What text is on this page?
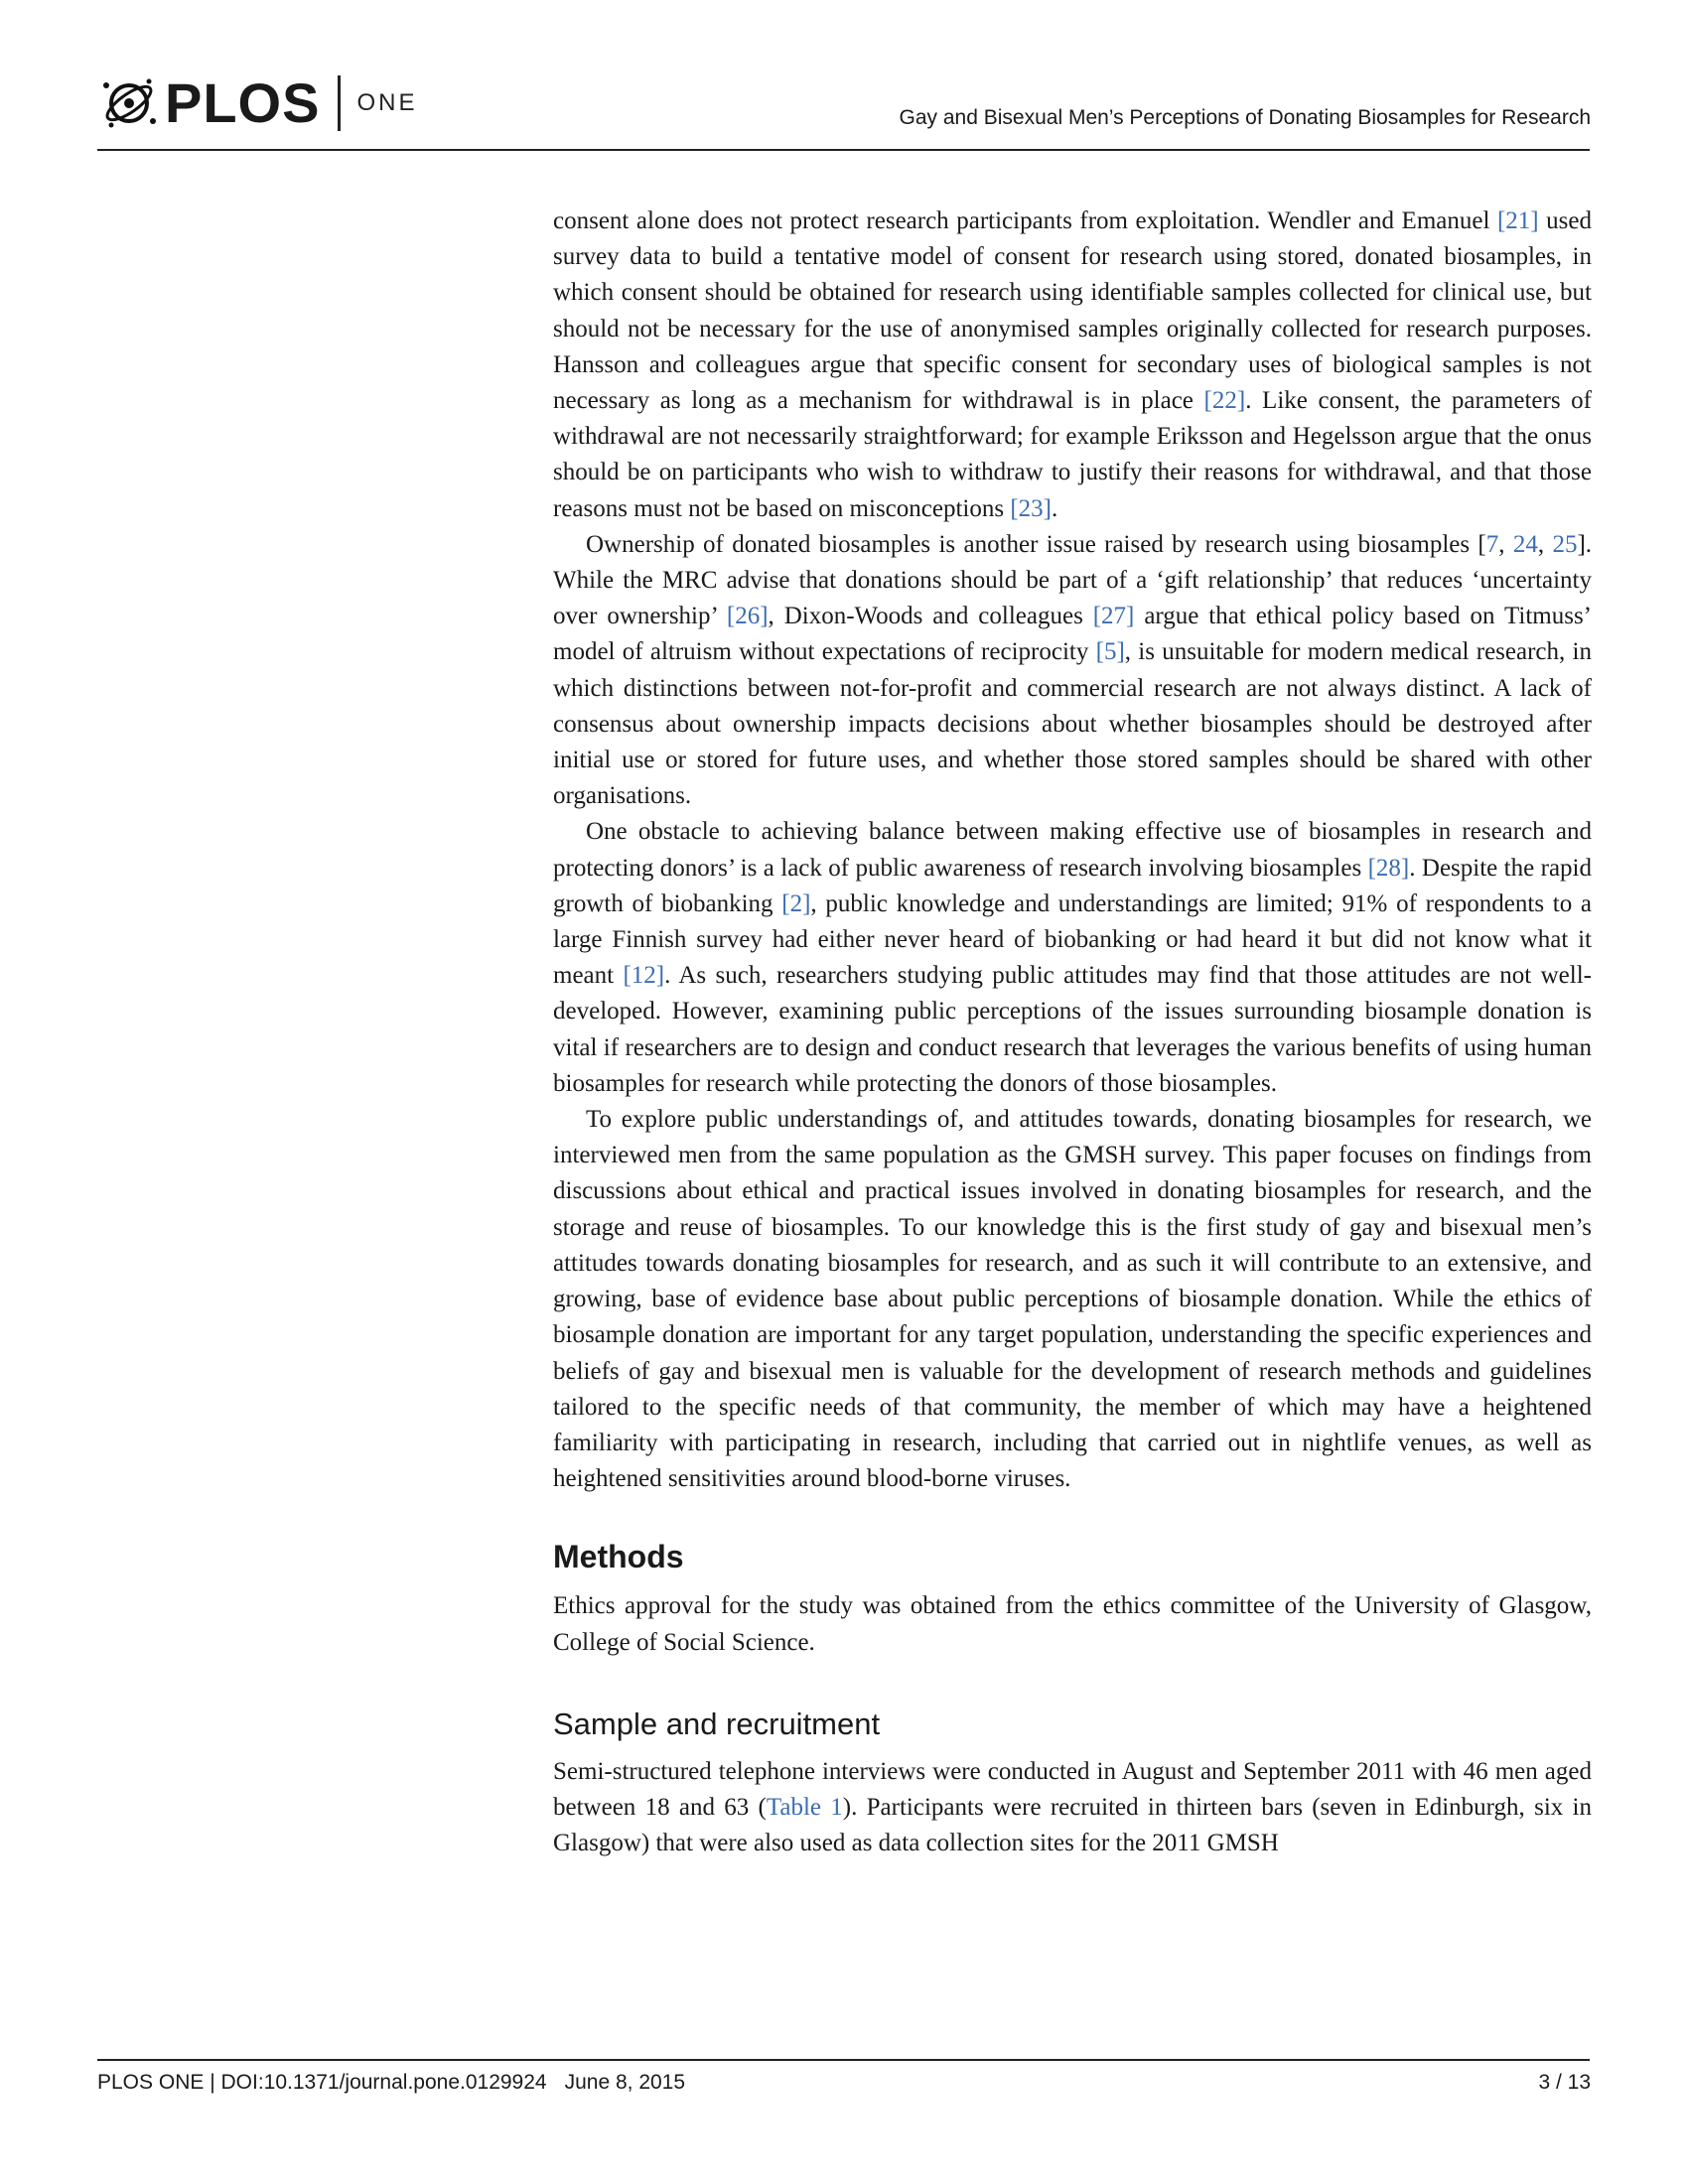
PLOS ONE
Gay and Bisexual Men’s Perceptions of Donating Biosamples for Research

consent alone does not protect research participants from exploitation. Wendler and Emanuel [21] used survey data to build a tentative model of consent for research using stored, donated biosamples, in which consent should be obtained for research using identifiable samples collected for clinical use, but should not be necessary for the use of anonymised samples originally collected for research purposes. Hansson and colleagues argue that specific consent for secondary uses of biological samples is not necessary as long as a mechanism for withdrawal is in place [22]. Like consent, the parameters of withdrawal are not necessarily straightforward; for example Eriksson and Hegelsson argue that the onus should be on participants who wish to withdraw to justify their reasons for withdrawal, and that those reasons must not be based on misconceptions [23].

Ownership of donated biosamples is another issue raised by research using biosamples [7, 24, 25]. While the MRC advise that donations should be part of a ‘gift relationship’ that reduces ‘uncertainty over ownership’ [26], Dixon-Woods and colleagues [27] argue that ethical policy based on Titmuss’ model of altruism without expectations of reciprocity [5], is unsuitable for modern medical research, in which distinctions between not-for-profit and commercial research are not always distinct. A lack of consensus about ownership impacts decisions about whether biosamples should be destroyed after initial use or stored for future uses, and whether those stored samples should be shared with other organisations.

One obstacle to achieving balance between making effective use of biosamples in research and protecting donors’ is a lack of public awareness of research involving biosamples [28]. Despite the rapid growth of biobanking [2], public knowledge and understandings are limited; 91% of respondents to a large Finnish survey had either never heard of biobanking or had heard it but did not know what it meant [12]. As such, researchers studying public attitudes may find that those attitudes are not well-developed. However, examining public perceptions of the issues surrounding biosample donation is vital if researchers are to design and conduct research that leverages the various benefits of using human biosamples for research while protecting the donors of those biosamples.

To explore public understandings of, and attitudes towards, donating biosamples for research, we interviewed men from the same population as the GMSH survey. This paper focuses on findings from discussions about ethical and practical issues involved in donating biosamples for research, and the storage and reuse of biosamples. To our knowledge this is the first study of gay and bisexual men’s attitudes towards donating biosamples for research, and as such it will contribute to an extensive, and growing, base of evidence base about public perceptions of biosample donation. While the ethics of biosample donation are important for any target population, understanding the specific experiences and beliefs of gay and bisexual men is valuable for the development of research methods and guidelines tailored to the specific needs of that community, the member of which may have a heightened familiarity with participating in research, including that carried out in nightlife venues, as well as heightened sensitivities around blood-borne viruses.

Methods

Ethics approval for the study was obtained from the ethics committee of the University of Glasgow, College of Social Science.

Sample and recruitment

Semi-structured telephone interviews were conducted in August and September 2011 with 46 men aged between 18 and 63 (Table 1). Participants were recruited in thirteen bars (seven in Edinburgh, six in Glasgow) that were also used as data collection sites for the 2011 GMSH

PLOS ONE | DOI:10.1371/journal.pone.0129924 June 8, 2015	3 / 13
